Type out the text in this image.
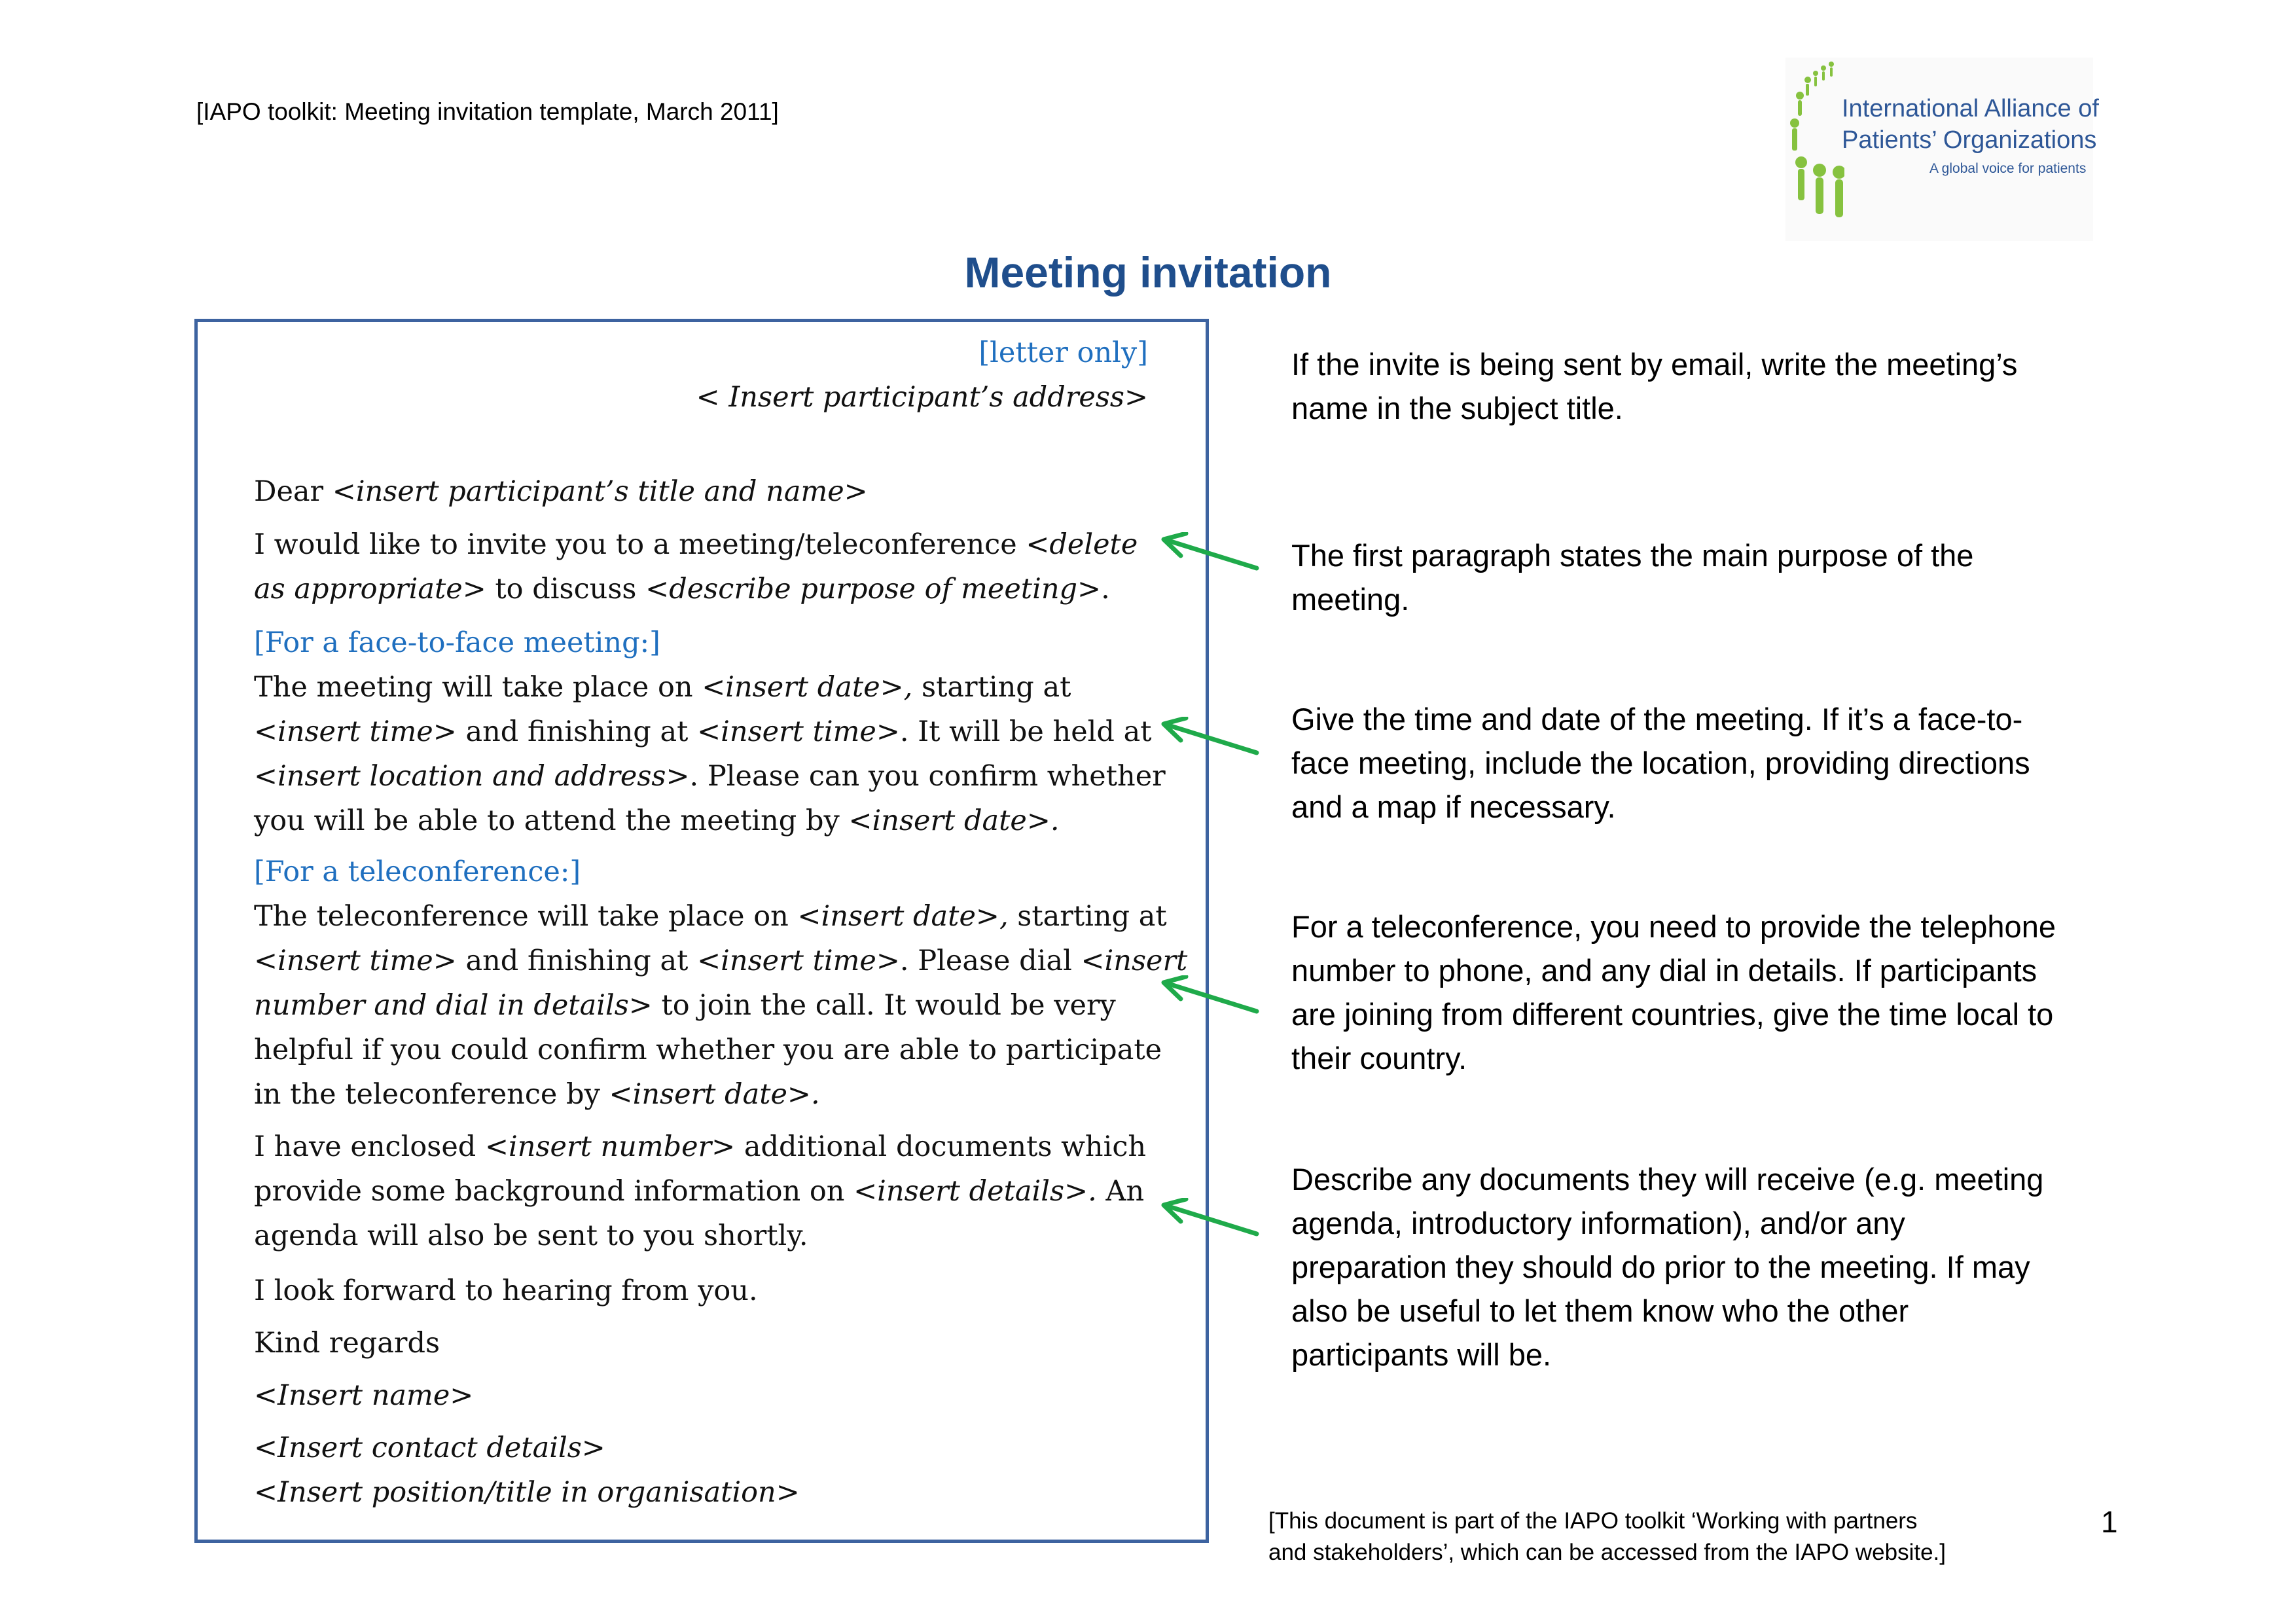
[IAPO toolkit: Meeting invitation template, March 2011]	International Alliance of
Patients’ Organizations
A global voice for patients
Meeting invitation
[letter only]
< Insert participant’s address>
Dear <insert participant’s title and name>
I would like to invite you to a meeting/teleconference <delete
as appropriate> to discuss <describe purpose of meeting>.
[For a face-to-face meeting:]
The meeting will take place on <insert date>, starting at
<insert time> and finishing at <insert time>. It will be held at
<insert location and address>. Please can you confirm whether
you will be able to attend the meeting by <insert date>.
[For a teleconference:]
The teleconference will take place on <insert date>, starting at
<insert time> and finishing at <insert time>. Please dial <insert
number and dial in details> to join the call. It would be very
helpful if you could confirm whether you are able to participate
in the teleconference by <insert date>.
I have enclosed <insert number> additional documents which
provide some background information on <insert details>. An
agenda will also be sent to you shortly.
I look forward to hearing from you.
Kind regards
<Insert name>
<Insert contact details>
<Insert position/title in organisation>
If the invite is being sent by email, write the meeting’s
name in the subject title.
The first paragraph states the main purpose of the
meeting.
Give the time and date of the meeting. If it’s a face-to-
face meeting, include the location, providing directions
and a map if necessary.
For a teleconference, you need to provide the telephone
number to phone, and any dial in details. If participants
are joining from different countries, give the time local to
their country.
Describe any documents they will receive (e.g. meeting
agenda, introductory information), and/or any
preparation they should do prior to the meeting. If may
also be useful to let them know who the other
participants will be.
[This document is part of the IAPO toolkit ‘Working with partners
and stakeholders’, which can be accessed from the IAPO website.]
1
